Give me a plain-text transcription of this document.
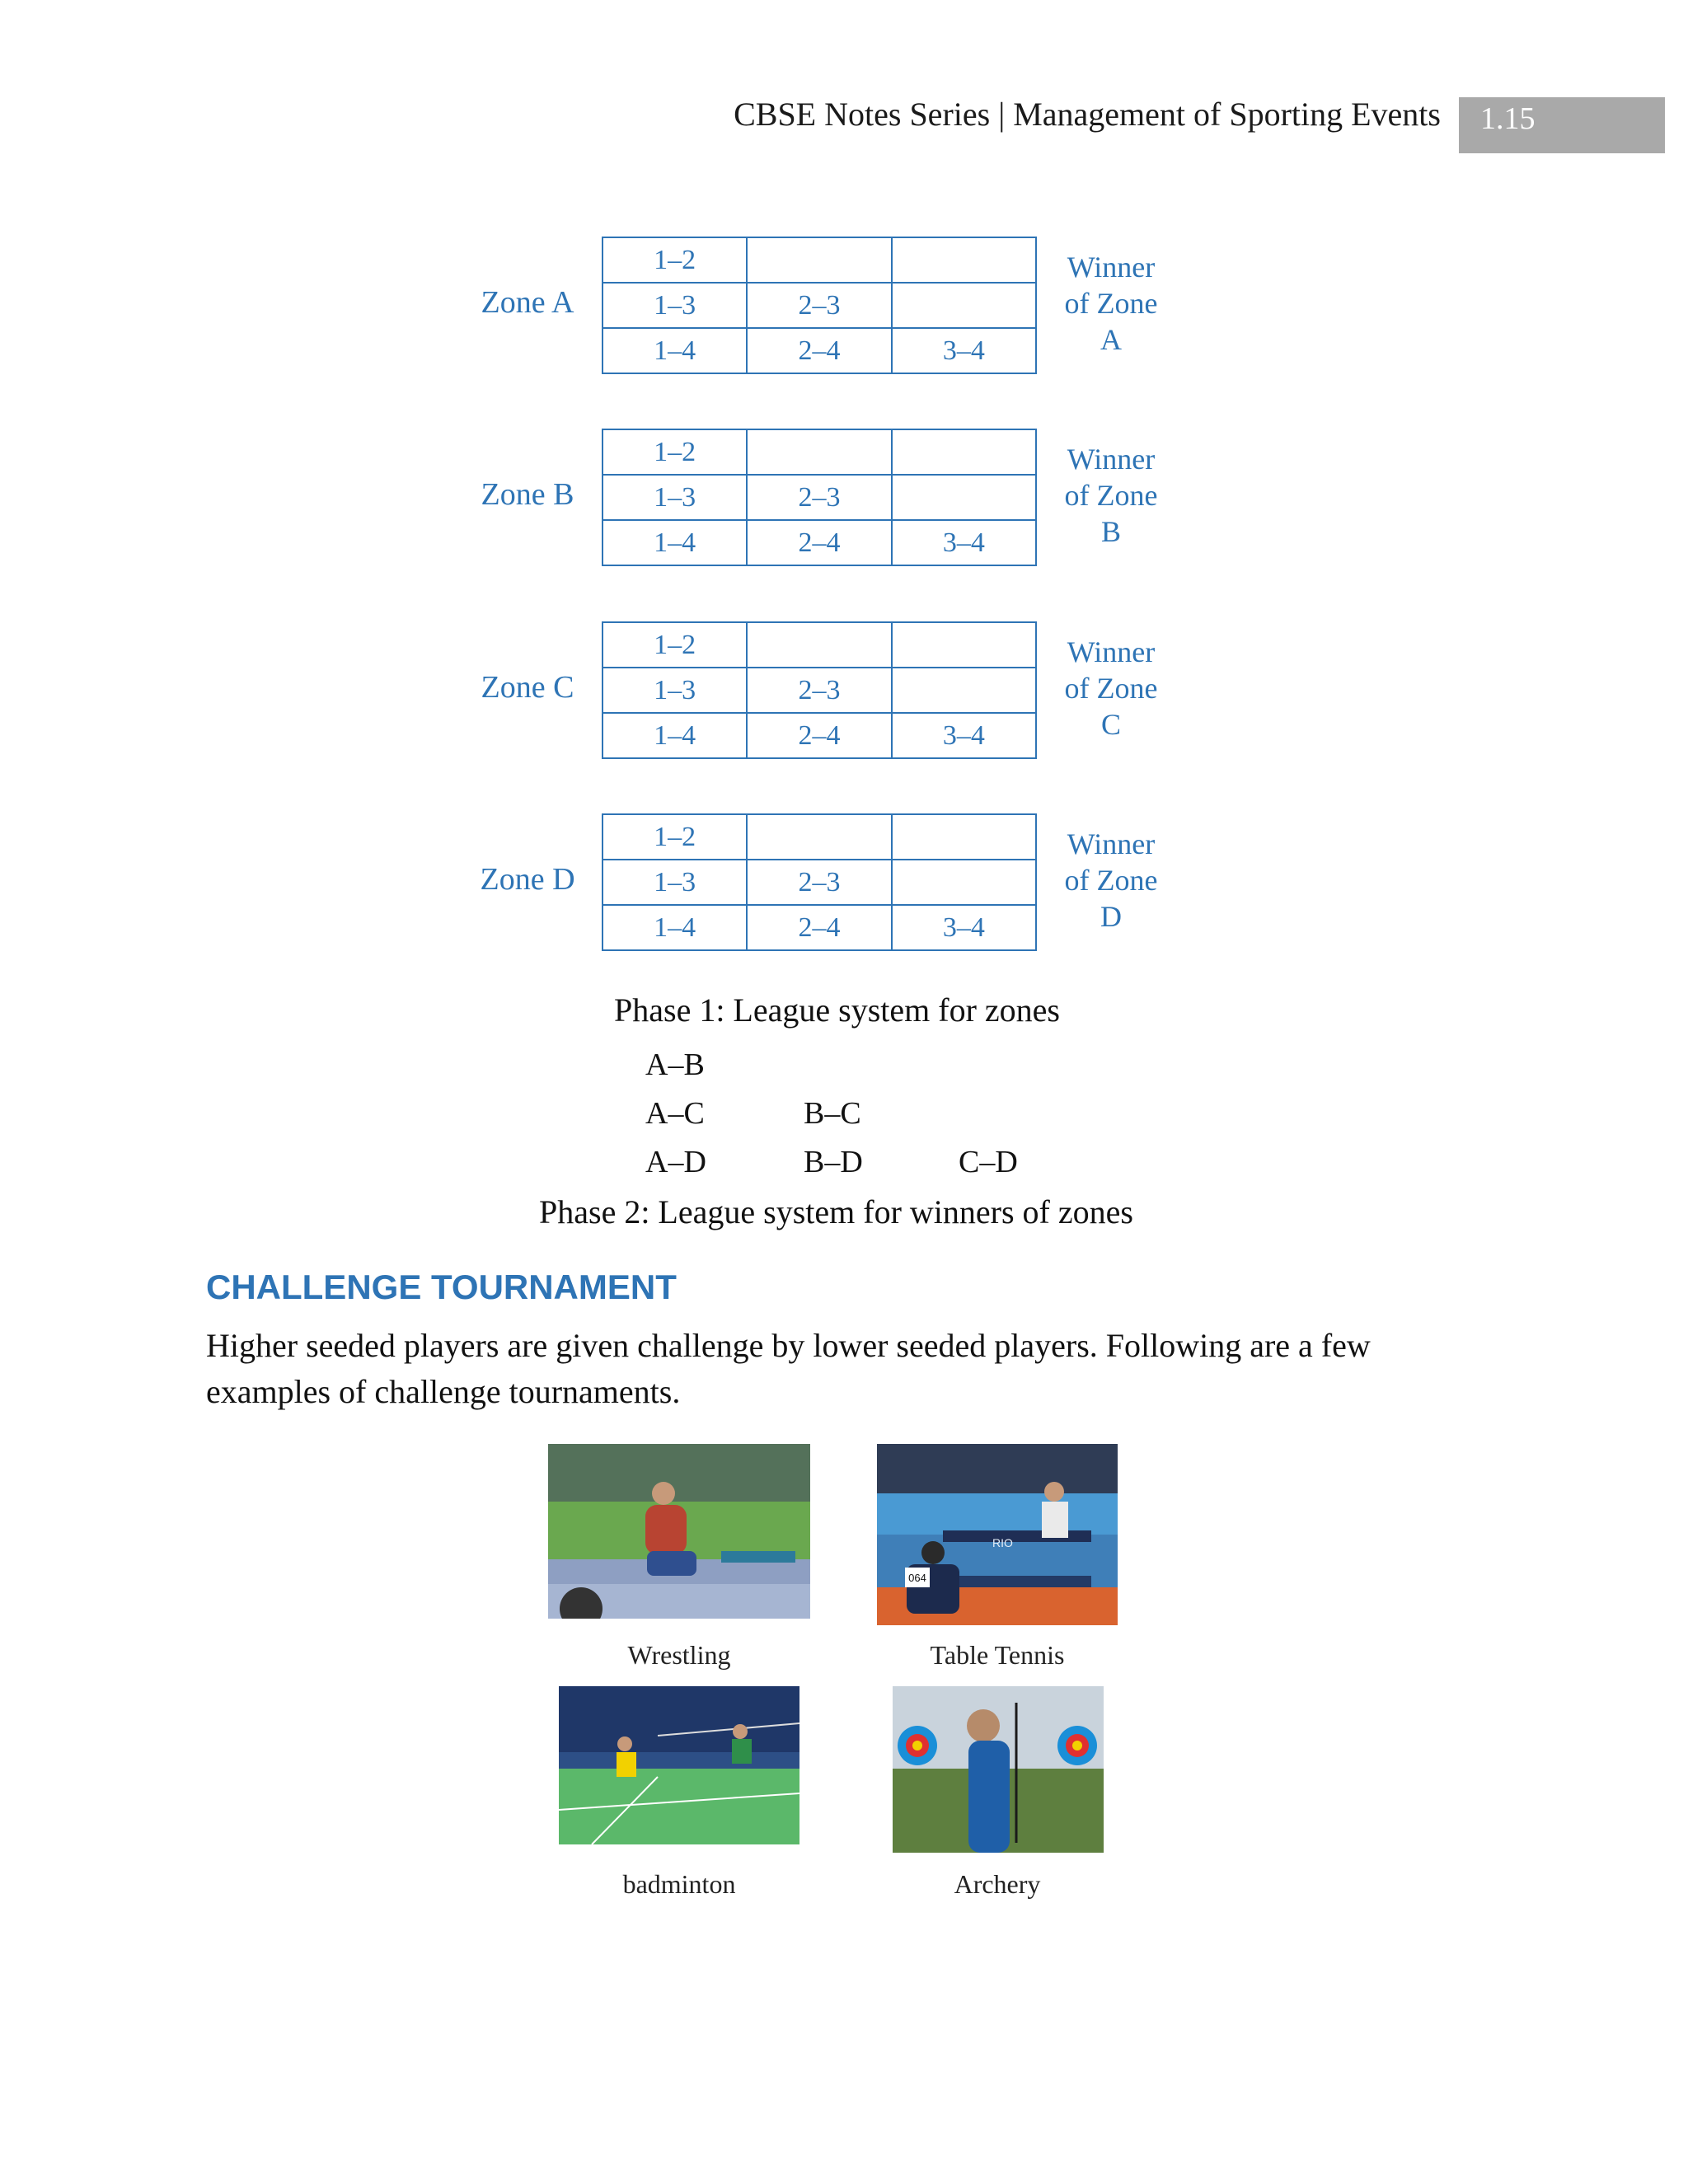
CBSE Notes Series | Management of Sporting Events	1.15
Zone A
1–2		
1–3	2–3	
1–4	2–4	3–4
Winner
of Zone
A
Zone B
1–2		
1–3	2–3	
1–4	2–4	3–4
Winner
of Zone
B
Zone C
1–2		
1–3	2–3	
1–4	2–4	3–4
Winner
of Zone
C
Zone D
1–2		
1–3	2–3	
1–4	2–4	3–4
Winner
of Zone
D
Phase 1: League system for zones
A–B
A–C	B–C
A–D	B–D	C–D
Phase 2: League system for winners of zones
CHALLENGE TOURNAMENT
Higher seeded players are given challenge by lower seeded players. Following are a few examples of challenge tournaments.
Wrestling
064
RIO
Table Tennis
badminton	Archery
